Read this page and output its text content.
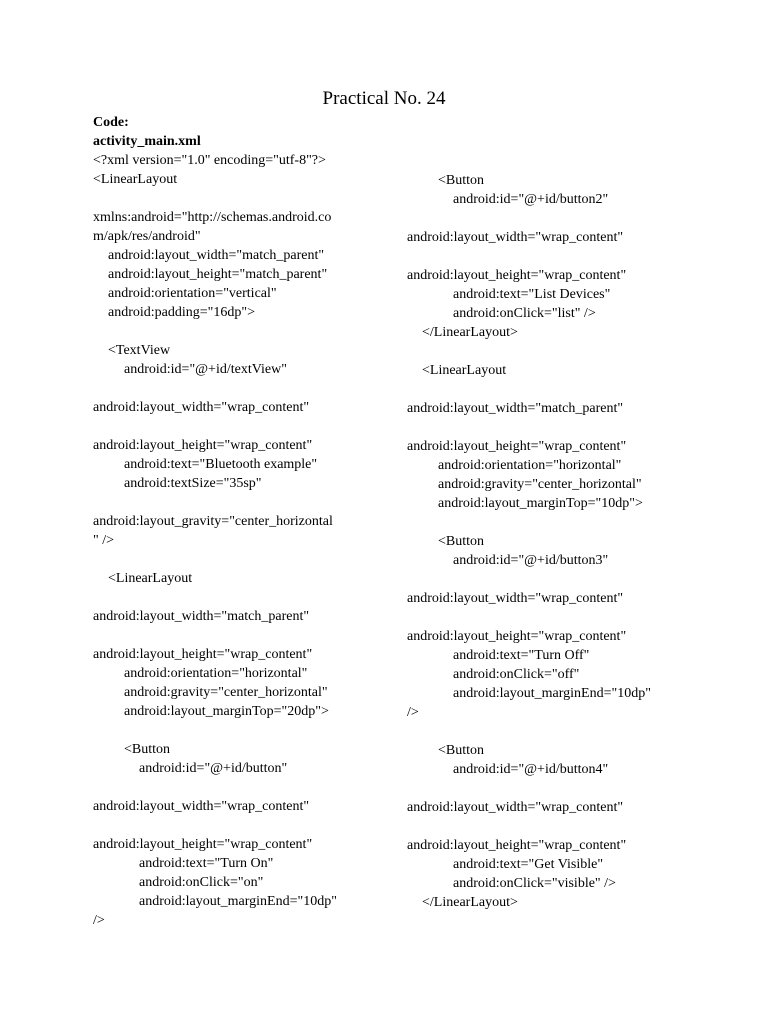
Practical No. 24
Code:
activity_main.xml
<?xml version="1.0" encoding="utf-8"?>
<LinearLayout
xmlns:android="http://schemas.android.co
m/apk/res/android"
android:layout_width="match_parent"
android:layout_height="match_parent"
android:orientation="vertical"
android:padding="16dp">
<TextView
android:id="@+id/textView"
android:layout_width="wrap_content"
android:layout_height="wrap_content"
android:text="Bluetooth example"
android:textSize="35sp"
android:layout_gravity="center_horizontal
" />
<LinearLayout
android:layout_width="match_parent"
android:layout_height="wrap_content"
android:orientation="horizontal"
android:gravity="center_horizontal"
android:layout_marginTop="20dp">
<Button
android:id="@+id/button"
android:layout_width="wrap_content"
android:layout_height="wrap_content"
android:text="Turn On"
android:onClick="on"
android:layout_marginEnd="10dp"
/>
<Button
android:id="@+id/button2"
android:layout_width="wrap_content"
android:layout_height="wrap_content"
android:text="List Devices"
android:onClick="list" />
</LinearLayout>
<LinearLayout
android:layout_width="match_parent"
android:layout_height="wrap_content"
android:orientation="horizontal"
android:gravity="center_horizontal"
android:layout_marginTop="10dp">
<Button
android:id="@+id/button3"
android:layout_width="wrap_content"
android:layout_height="wrap_content"
android:text="Turn Off"
android:onClick="off"
android:layout_marginEnd="10dp"
/>
<Button
android:id="@+id/button4"
android:layout_width="wrap_content"
android:layout_height="wrap_content"
android:text="Get Visible"
android:onClick="visible" />
</LinearLayout>
